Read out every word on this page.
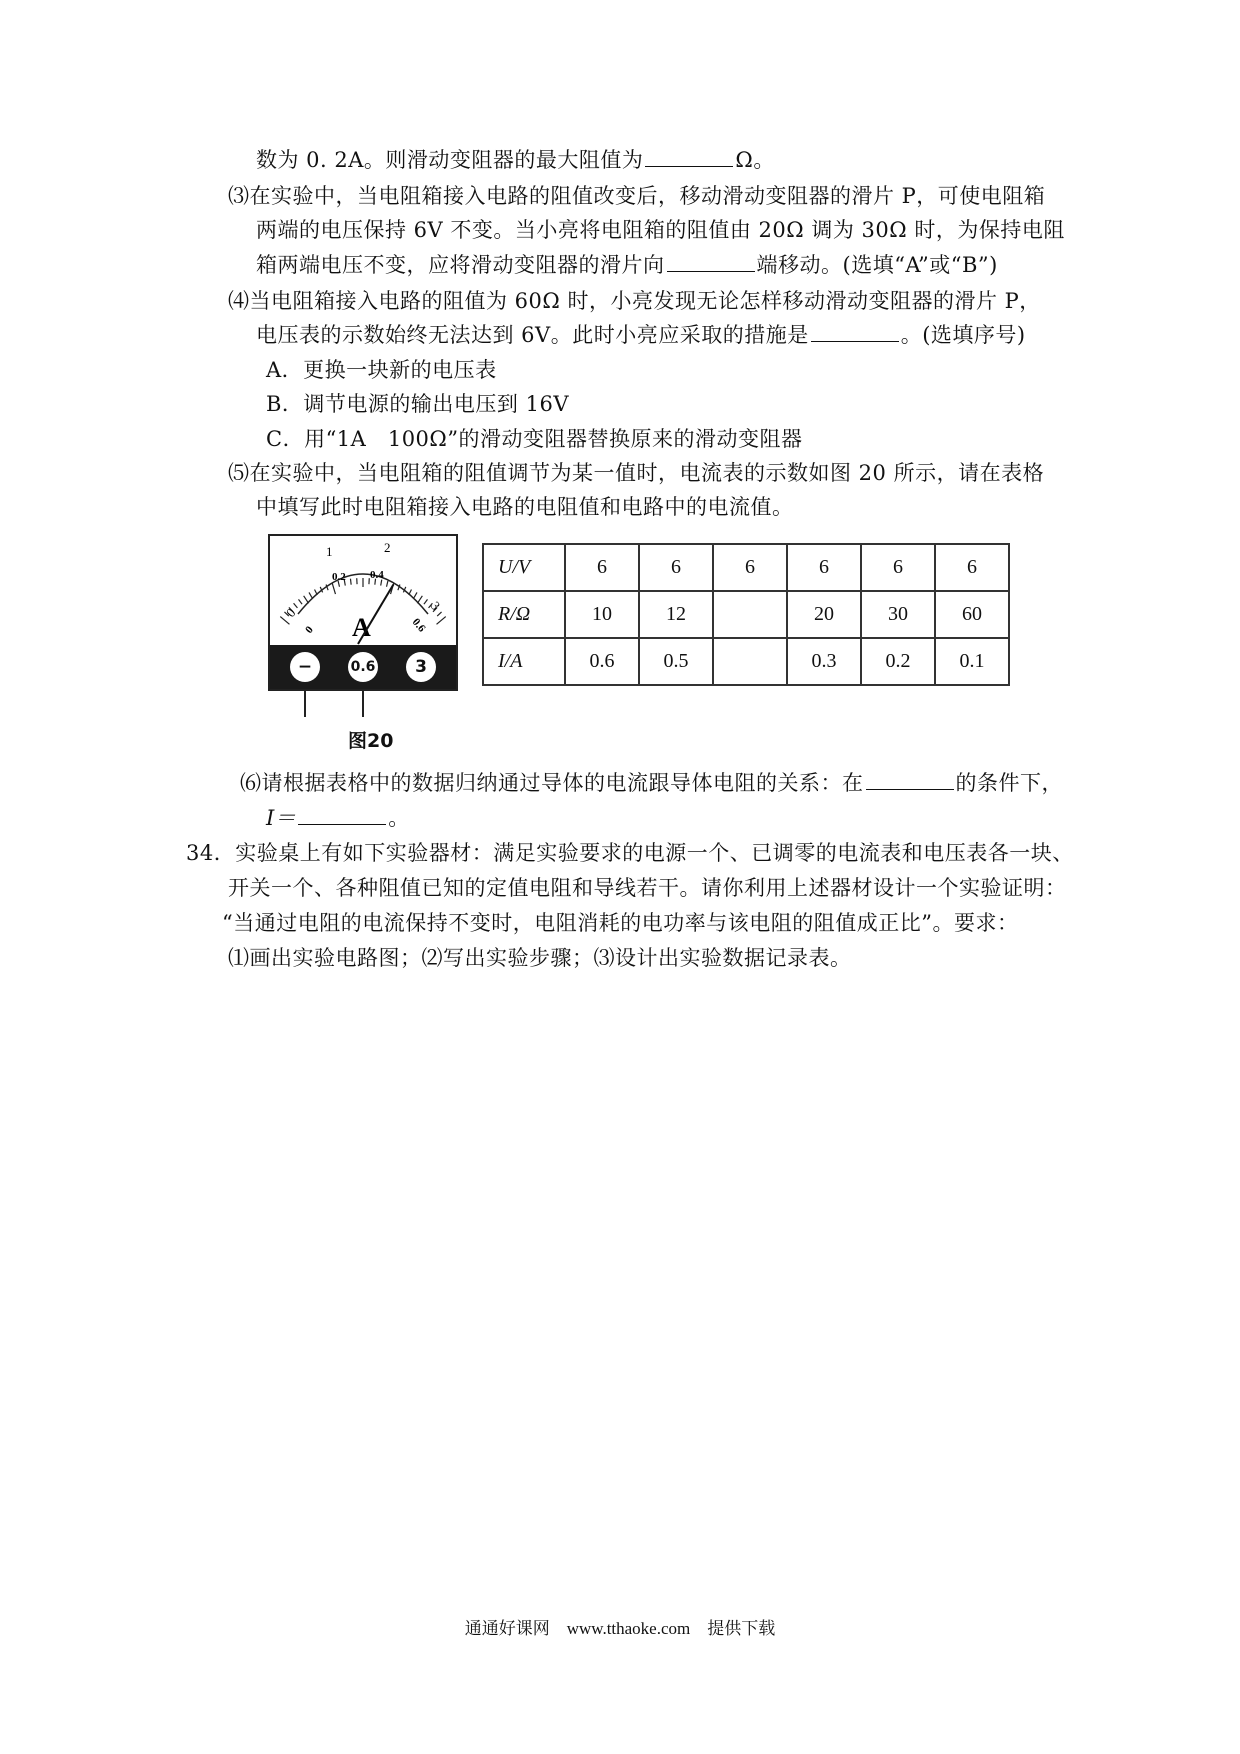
数为 0. 2A。则滑动变阻器的最大阻值为	Ω。
⑶在实验中，当电阻箱接入电路的阻值改变后，移动滑动变阻器的滑片 P，可使电阻箱
两端的电压保持 6V 不变。当小亮将电阻箱的阻值由 20Ω 调为 30Ω 时，为保持电阻
箱两端电压不变，应将滑动变阻器的滑片向	端移动。(选填“A”或“B”)
⑷当电阻箱接入电路的阻值为 60Ω 时，小亮发现无论怎样移动滑动变阻器的滑片 P，
电压表的示数始终无法达到 6V。此时小亮应采取的措施是	。(选填序号)
A．更换一块新的电压表
B．调节电源的输出电压到 16V
C．用“1A　100Ω”的滑动变阻器替换原来的滑动变阻器
⑸在实验中，当电阻箱的阻值调节为某一值时，电流表的示数如图 20 所示，请在表格
中填写此时电阻箱接入电路的电阻值和电路中的电流值。
0
1	2
3
0
0.2 0.4
0.6
A
−	0.6	3
图20
U/V	6	6	6	6	6	6
R/Ω	10	12		20	30	60
I/A	0.6	0.5		0.3	0.2	0.1
⑹请根据表格中的数据归纳通过导体的电流跟导体电阻的关系：在	的条件下，
I＝	。
34．实验桌上有如下实验器材：满足实验要求的电源一个、已调零的电流表和电压表各一块、
开关一个、各种阻值已知的定值电阻和导线若干。请你利用上述器材设计一个实验证明：
“当通过电阻的电流保持不变时，电阻消耗的电功率与该电阻的阻值成正比”。要求：
⑴画出实验电路图；⑵写出实验步骤；⑶设计出实验数据记录表。
通通好课网　www.tthaoke.com　提供下载
